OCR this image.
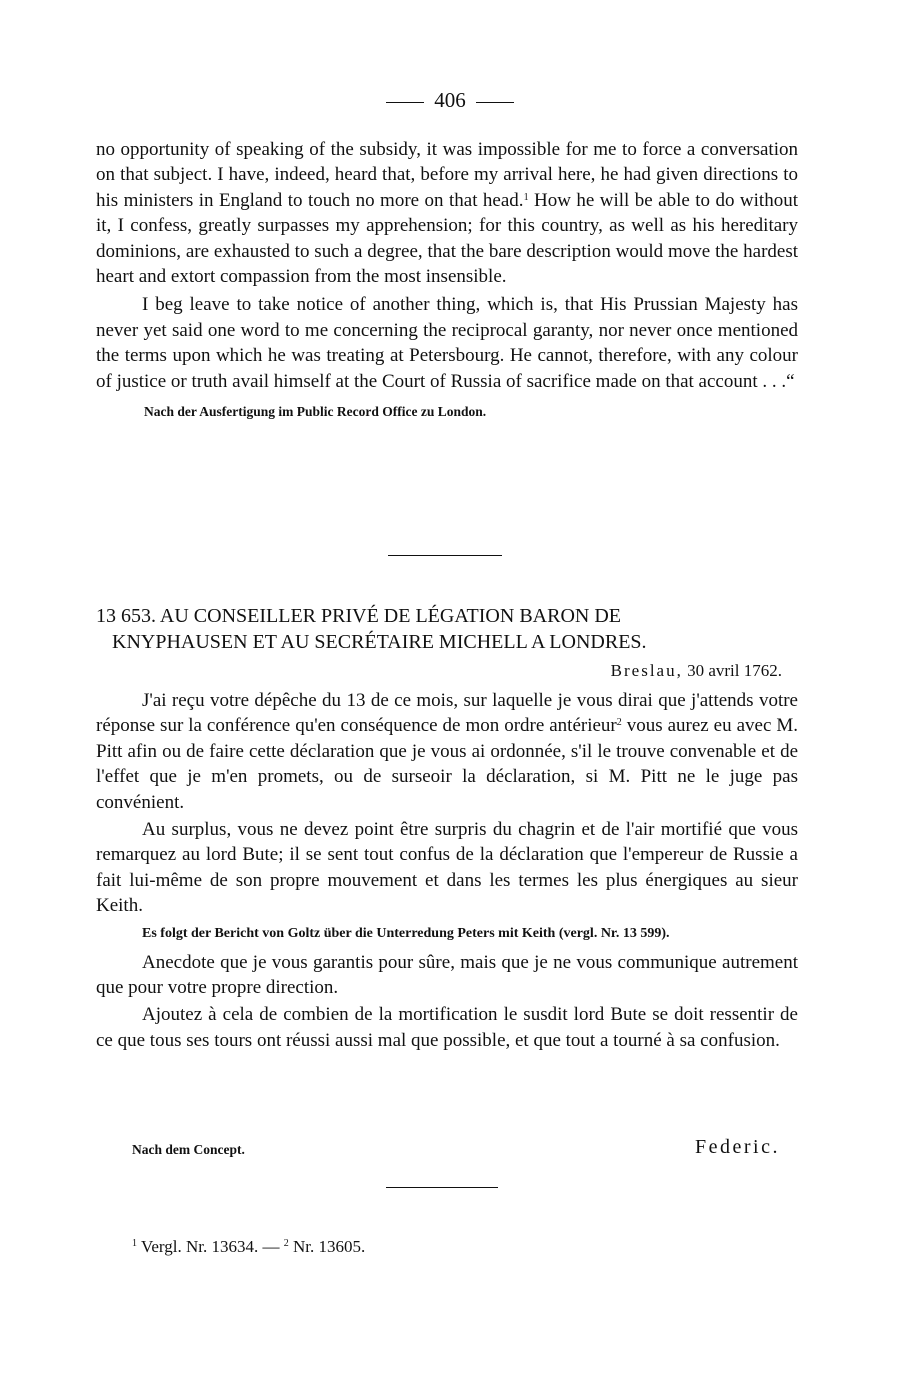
406

no opportunity of speaking of the subsidy, it was impossible for me to force a conversation on that subject. I have, indeed, heard that, before my arrival here, he had given directions to his ministers in England to touch no more on that head.$^1$ How he will be able to do without it, I confess, greatly surpasses my apprehension; for this country, as well as his hereditary dominions, are exhausted to such a degree, that the bare description would move the hardest heart and extort compassion from the most insensible.

I beg leave to take notice of another thing, which is, that His Prussian Majesty has never yet said one word to me concerning the reciprocal garanty, nor never once mentioned the terms upon which he was treating at Petersbourg. He cannot, therefore, with any colour of justice or truth avail himself at the Court of Russia of sacrifice made on that account . . .“

Nach der Ausfertigung im Public Record Office zu London.

13 653. AU CONSEILLER PRIVÉ DE LÉGATION BARON DE
KNYPHAUSEN ET AU SECRÉTAIRE MICHELL A LONDRES.
Breslau, 30 avril 1762.

J'ai reçu votre dépêche du 13 de ce mois, sur laquelle je vous dirai que j'attends votre réponse sur la conférence qu'en conséquence de mon ordre antérieur$^2$ vous aurez eu avec M. Pitt afin ou de faire cette déclaration que je vous ai ordonnée, s'il le trouve convenable et de l'effet que je m'en promets, ou de surseoir la déclaration, si M. Pitt ne le juge pas convénient.

Au surplus, vous ne devez point être surpris du chagrin et de l'air mortifié que vous remarquez au lord Bute; il se sent tout confus de la déclaration que l'empereur de Russie a fait lui-même de son propre mouvement et dans les termes les plus énergiques au sieur Keith.

Es folgt der Bericht von Goltz über die Unterredung Peters mit Keith (vergl. Nr. 13 599).

Anecdote que je vous garantis pour sûre, mais que je ne vous communique autrement que pour votre propre direction.

Ajoutez à cela de combien de la mortification le susdit lord Bute se doit ressentir de ce que tous ses tours ont réussi aussi mal que possible, et que tout a tourné à sa confusion.

Nach dem Concept.	Federic.
$^1$ Vergl. Nr. 13634. — $^2$ Nr. 13605.
